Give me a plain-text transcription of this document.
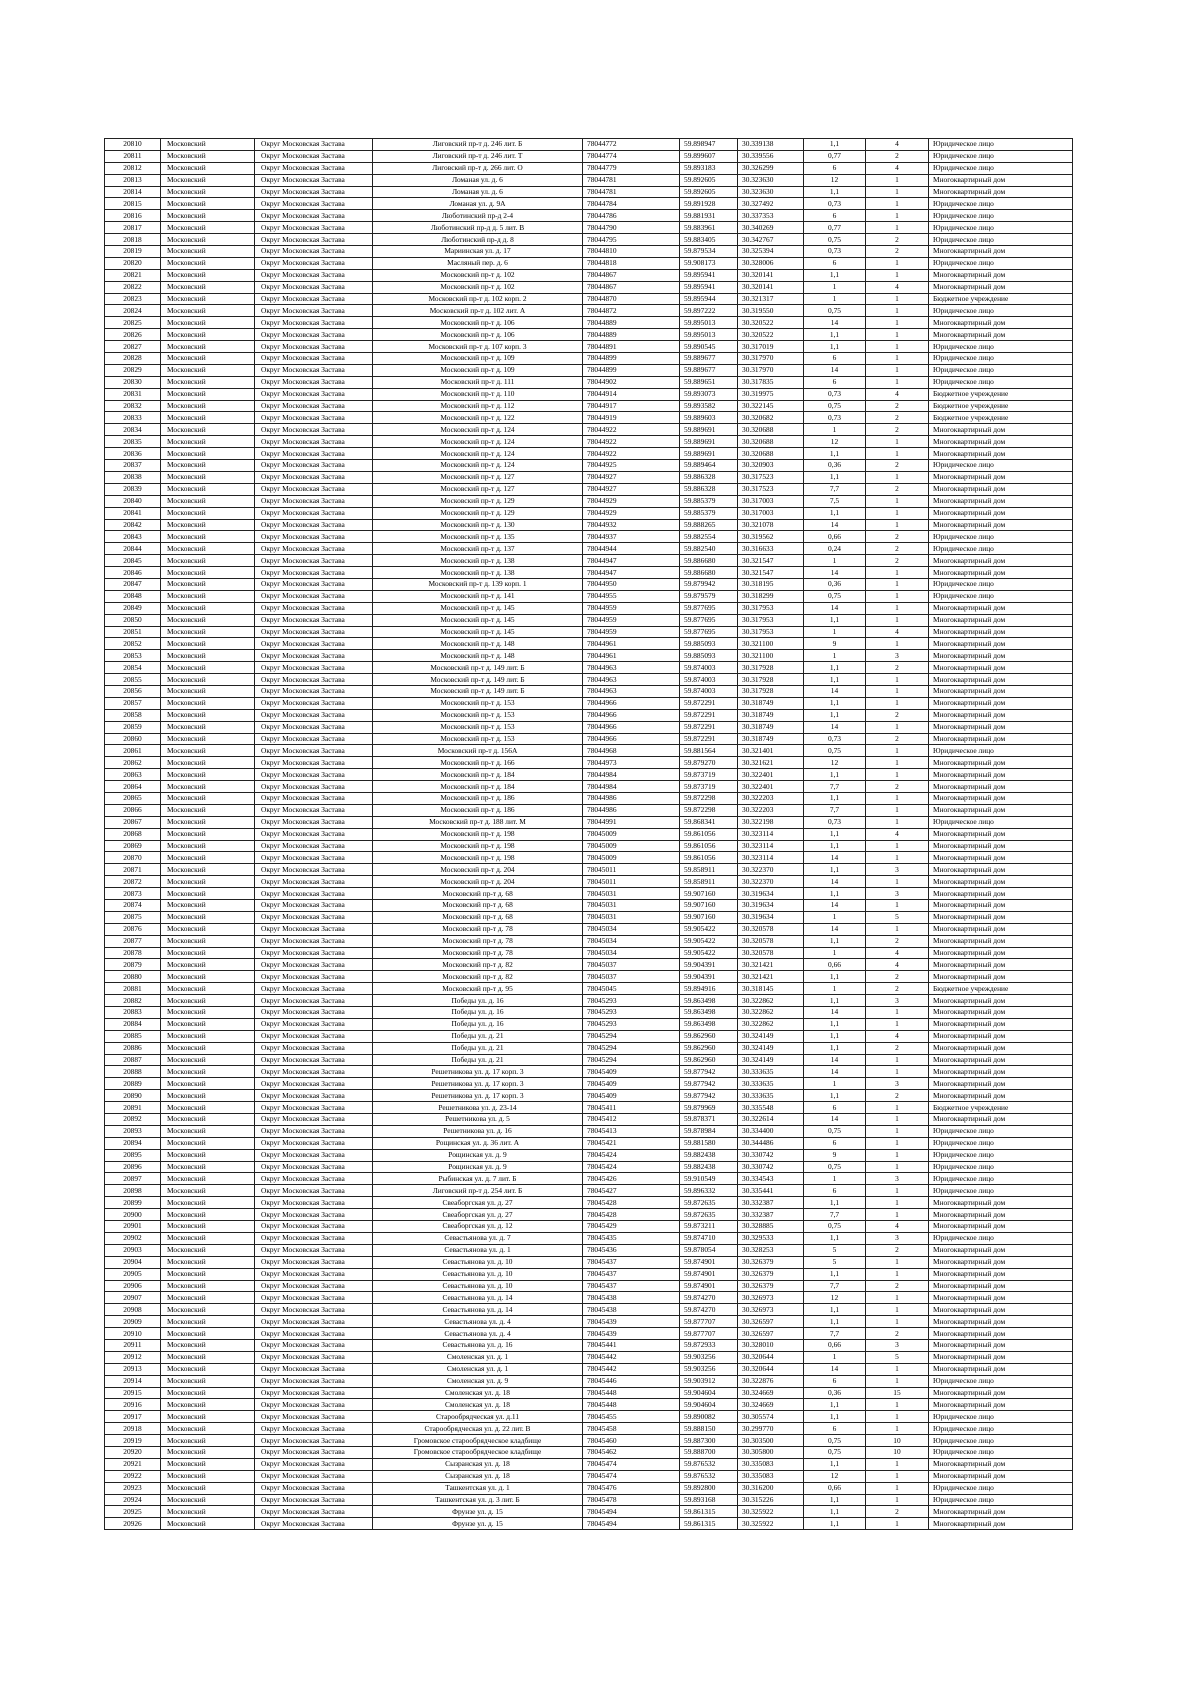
20810	Московский	Округ Московская Застава	Лиговский пр-т д. 246 лит. Б	78044772	59.898947	30.339138	1,1	4	Юридическое лицо
20811	Московский	Округ Московская Застава	Лиговский пр-т д. 246 лит. Т	78044774	59.899607	30.339556	0,77	2	Юридическое лицо
20812	Московский	Округ Московская Застава	Лиговский пр-т д. 266 лит. О	78044779	59.893183	30.326299	6	4	Юридическое лицо
20813	Московский	Округ Московская Застава	Ломаная ул. д. 6	78044781	59.892605	30.323630	12	1	Многоквартирный дом
20814	Московский	Округ Московская Застава	Ломаная ул. д. 6	78044781	59.892605	30.323630	1,1	1	Многоквартирный дом
20815	Московский	Округ Московская Застава	Ломаная ул. д. 9А	78044784	59.891928	30.327492	0,73	1	Юридическое лицо
20816	Московский	Округ Московская Застава	Люботинский пр-д 2-4	78044786	59.881931	30.337353	6	1	Юридическое лицо
20817	Московский	Округ Московская Застава	Люботинский пр-д д. 5 лит. В	78044790	59.883961	30.340269	0,77	1	Юридическое лицо
20818	Московский	Округ Московская Застава	Люботинский пр-д д. 8	78044795	59.883405	30.342767	0,75	2	Юридическое лицо
20819	Московский	Округ Московская Застава	Мариинская ул. д. 17	78044810	59.879534	30.325394	0,73	2	Многоквартирный дом
20820	Московский	Округ Московская Застава	Масляный пер. д. 6	78044818	59.908173	30.328006	6	1	Юридическое лицо
20821	Московский	Округ Московская Застава	Московский пр-т д. 102	78044867	59.895941	30.320141	1,1	1	Многоквартирный дом
20822	Московский	Округ Московская Застава	Московский пр-т д. 102	78044867	59.895941	30.320141	1	4	Многоквартирный дом
20823	Московский	Округ Московская Застава	Московский пр-т д. 102 корп. 2	78044870	59.895944	30.321317	1	1	Бюджетное учреждение
20824	Московский	Округ Московская Застава	Московский пр-т д. 102 лит. А	78044872	59.897222	30.319550	0,75	1	Юридическое лицо
20825	Московский	Округ Московская Застава	Московский пр-т д. 106	78044889	59.895013	30.320522	14	1	Многоквартирный дом
20826	Московский	Округ Московская Застава	Московский пр-т д. 106	78044889	59.895013	30.320522	1,1	1	Многоквартирный дом
20827	Московский	Округ Московская Застава	Московский пр-т д. 107 корп. 3	78044891	59.890545	30.317019	1,1	1	Юридическое лицо
20828	Московский	Округ Московская Застава	Московский пр-т д. 109	78044899	59.889677	30.317970	6	1	Юридическое лицо
20829	Московский	Округ Московская Застава	Московский пр-т д. 109	78044899	59.889677	30.317970	14	1	Юридическое лицо
20830	Московский	Округ Московская Застава	Московский пр-т д. 111	78044902	59.889651	30.317835	6	1	Юридическое лицо
20831	Московский	Округ Московская Застава	Московский пр-т д. 110	78044914	59.893073	30.319975	0,73	4	Бюджетное учреждение
20832	Московский	Округ Московская Застава	Московский пр-т д. 112	78044917	59.893582	30.322145	0,75	2	Бюджетное учреждение
20833	Московский	Округ Московская Застава	Московский пр-т д. 122	78044919	59.889603	30.320682	0,73	2	Бюджетное учреждение
20834	Московский	Округ Московская Застава	Московский пр-т д. 124	78044922	59.889691	30.320688	1	2	Многоквартирный дом
20835	Московский	Округ Московская Застава	Московский пр-т д. 124	78044922	59.889691	30.320688	12	1	Многоквартирный дом
20836	Московский	Округ Московская Застава	Московский пр-т д. 124	78044922	59.889691	30.320688	1,1	1	Многоквартирный дом
20837	Московский	Округ Московская Застава	Московский пр-т д. 124	78044925	59.889464	30.320903	0,36	2	Юридическое лицо
20838	Московский	Округ Московская Застава	Московский пр-т д. 127	78044927	59.886328	30.317523	1,1	1	Многоквартирный дом
20839	Московский	Округ Московская Застава	Московский пр-т д. 127	78044927	59.886328	30.317523	7,7	2	Многоквартирный дом
20840	Московский	Округ Московская Застава	Московский пр-т д. 129	78044929	59.885379	30.317003	7,5	1	Многоквартирный дом
20841	Московский	Округ Московская Застава	Московский пр-т д. 129	78044929	59.885379	30.317003	1,1	1	Многоквартирный дом
20842	Московский	Округ Московская Застава	Московский пр-т д. 130	78044932	59.888265	30.321078	14	1	Многоквартирный дом
20843	Московский	Округ Московская Застава	Московский пр-т д. 135	78044937	59.882554	30.319562	0,66	2	Юридическое лицо
20844	Московский	Округ Московская Застава	Московский пр-т д. 137	78044944	59.882540	30.316633	0,24	2	Юридическое лицо
20845	Московский	Округ Московская Застава	Московский пр-т д. 138	78044947	59.886680	30.321547	1	2	Многоквартирный дом
20846	Московский	Округ Московская Застава	Московский пр-т д. 138	78044947	59.886680	30.321547	14	1	Многоквартирный дом
20847	Московский	Округ Московская Застава	Московский пр-т д. 139 корп. 1	78044950	59.879942	30.318195	0,36	1	Юридическое лицо
20848	Московский	Округ Московская Застава	Московский пр-т д. 141	78044955	59.879579	30.318299	0,75	1	Юридическое лицо
20849	Московский	Округ Московская Застава	Московский пр-т д. 145	78044959	59.877695	30.317953	14	1	Многоквартирный дом
20850	Московский	Округ Московская Застава	Московский пр-т д. 145	78044959	59.877695	30.317953	1,1	1	Многоквартирный дом
20851	Московский	Округ Московская Застава	Московский пр-т д. 145	78044959	59.877695	30.317953	1	4	Многоквартирный дом
20852	Московский	Округ Московская Застава	Московский пр-т д. 148	78044961	59.885093	30.321100	9	1	Многоквартирный дом
20853	Московский	Округ Московская Застава	Московский пр-т д. 148	78044961	59.885093	30.321100	1	3	Многоквартирный дом
20854	Московский	Округ Московская Застава	Московский пр-т д. 149 лит. Б	78044963	59.874003	30.317928	1,1	2	Многоквартирный дом
20855	Московский	Округ Московская Застава	Московский пр-т д. 149 лит. Б	78044963	59.874003	30.317928	1,1	1	Многоквартирный дом
20856	Московский	Округ Московская Застава	Московский пр-т д. 149 лит. Б	78044963	59.874003	30.317928	14	1	Многоквартирный дом
20857	Московский	Округ Московская Застава	Московский пр-т д. 153	78044966	59.872291	30.318749	1,1	1	Многоквартирный дом
20858	Московский	Округ Московская Застава	Московский пр-т д. 153	78044966	59.872291	30.318749	1,1	2	Многоквартирный дом
20859	Московский	Округ Московская Застава	Московский пр-т д. 153	78044966	59.872291	30.318749	14	1	Многоквартирный дом
20860	Московский	Округ Московская Застава	Московский пр-т д. 153	78044966	59.872291	30.318749	0,73	2	Многоквартирный дом
20861	Московский	Округ Московская Застава	Московский пр-т д. 156А	78044968	59.881564	30.321401	0,75	1	Юридическое лицо
20862	Московский	Округ Московская Застава	Московский пр-т д. 166	78044973	59.879270	30.321621	12	1	Многоквартирный дом
20863	Московский	Округ Московская Застава	Московский пр-т д. 184	78044984	59.873719	30.322401	1,1	1	Многоквартирный дом
20864	Московский	Округ Московская Застава	Московский пр-т д. 184	78044984	59.873719	30.322401	7,7	2	Многоквартирный дом
20865	Московский	Округ Московская Застава	Московский пр-т д. 186	78044986	59.872298	30.322203	1,1	1	Многоквартирный дом
20866	Московский	Округ Московская Застава	Московский пр-т д. 186	78044986	59.872298	30.322203	7,7	1	Многоквартирный дом
20867	Московский	Округ Московская Застава	Московский пр-т д. 188 лит. М	78044991	59.868341	30.322198	0,73	1	Юридическое лицо
20868	Московский	Округ Московская Застава	Московский пр-т д. 198	78045009	59.861056	30.323114	1,1	4	Многоквартирный дом
20869	Московский	Округ Московская Застава	Московский пр-т д. 198	78045009	59.861056	30.323114	1,1	1	Многоквартирный дом
20870	Московский	Округ Московская Застава	Московский пр-т д. 198	78045009	59.861056	30.323114	14	1	Многоквартирный дом
20871	Московский	Округ Московская Застава	Московский пр-т д. 204	78045011	59.858911	30.322370	1,1	3	Многоквартирный дом
20872	Московский	Округ Московская Застава	Московский пр-т д. 204	78045011	59.858911	30.322370	14	1	Многоквартирный дом
20873	Московский	Округ Московская Застава	Московский пр-т д. 68	78045031	59.907160	30.319634	1,1	3	Многоквартирный дом
20874	Московский	Округ Московская Застава	Московский пр-т д. 68	78045031	59.907160	30.319634	14	1	Многоквартирный дом
20875	Московский	Округ Московская Застава	Московский пр-т д. 68	78045031	59.907160	30.319634	1	5	Многоквартирный дом
20876	Московский	Округ Московская Застава	Московский пр-т д. 78	78045034	59.905422	30.320578	14	1	Многоквартирный дом
20877	Московский	Округ Московская Застава	Московский пр-т д. 78	78045034	59.905422	30.320578	1,1	2	Многоквартирный дом
20878	Московский	Округ Московская Застава	Московский пр-т д. 78	78045034	59.905422	30.320578	1	4	Многоквартирный дом
20879	Московский	Округ Московская Застава	Московский пр-т д. 82	78045037	59.904391	30.321421	0,66	4	Многоквартирный дом
20880	Московский	Округ Московская Застава	Московский пр-т д. 82	78045037	59.904391	30.321421	1,1	2	Многоквартирный дом
20881	Московский	Округ Московская Застава	Московский пр-т д. 95	78045045	59.894916	30.318145	1	2	Бюджетное учреждение
20882	Московский	Округ Московская Застава	Победы ул. д. 16	78045293	59.863498	30.322862	1,1	3	Многоквартирный дом
20883	Московский	Округ Московская Застава	Победы ул. д. 16	78045293	59.863498	30.322862	14	1	Многоквартирный дом
20884	Московский	Округ Московская Застава	Победы ул. д. 16	78045293	59.863498	30.322862	1,1	1	Многоквартирный дом
20885	Московский	Округ Московская Застава	Победы ул. д. 21	78045294	59.862960	30.324149	1,1	4	Многоквартирный дом
20886	Московский	Округ Московская Застава	Победы ул. д. 21	78045294	59.862960	30.324149	1,1	2	Многоквартирный дом
20887	Московский	Округ Московская Застава	Победы ул. д. 21	78045294	59.862960	30.324149	14	1	Многоквартирный дом
20888	Московский	Округ Московская Застава	Решетникова ул. д. 17 корп. 3	78045409	59.877942	30.333635	14	1	Многоквартирный дом
20889	Московский	Округ Московская Застава	Решетникова ул. д. 17 корп. 3	78045409	59.877942	30.333635	1	3	Многоквартирный дом
20890	Московский	Округ Московская Застава	Решетникова ул. д. 17 корп. 3	78045409	59.877942	30.333635	1,1	2	Многоквартирный дом
20891	Московский	Округ Московская Застава	Решетникова ул. д. 23-14	78045411	59.879969	30.335548	6	1	Бюджетное учреждение
20892	Московский	Округ Московская Застава	Решетникова ул. д. 5	78045412	59.878371	30.322614	14	1	Многоквартирный дом
20893	Московский	Округ Московская Застава	Решетникова ул. д. 16	78045413	59.878984	30.334400	0,75	1	Юридическое лицо
20894	Московский	Округ Московская Застава	Рощинская ул. д. 36 лит. А	78045421	59.881580	30.344486	6	1	Юридическое лицо
20895	Московский	Округ Московская Застава	Рощинская ул. д. 9	78045424	59.882438	30.330742	9	1	Юридическое лицо
20896	Московский	Округ Московская Застава	Рощинская ул. д. 9	78045424	59.882438	30.330742	0,75	1	Юридическое лицо
20897	Московский	Округ Московская Застава	Рыбинская ул. д. 7 лит. Б	78045426	59.910549	30.334543	1	3	Юридическое лицо
20898	Московский	Округ Московская Застава	Лиговский пр-т д. 254 лит. Б	78045427	59.896332	30.335441	6	1	Юридическое лицо
20899	Московский	Округ Московская Застава	Свеаборгская ул. д. 27	78045428	59.872635	30.332387	1,1	1	Многоквартирный дом
20900	Московский	Округ Московская Застава	Свеаборгская ул. д. 27	78045428	59.872635	30.332387	7,7	1	Многоквартирный дом
20901	Московский	Округ Московская Застава	Свеаборгская ул. д. 12	78045429	59.873211	30.328885	0,75	4	Многоквартирный дом
20902	Московский	Округ Московская Застава	Севастьянова ул. д. 7	78045435	59.874710	30.329533	1,1	3	Юридическое лицо
20903	Московский	Округ Московская Застава	Севастьянова ул. д. 1	78045436	59.878054	30.328253	5	2	Многоквартирный дом
20904	Московский	Округ Московская Застава	Севастьянова ул. д. 10	78045437	59.874901	30.326379	5	1	Многоквартирный дом
20905	Московский	Округ Московская Застава	Севастьянова ул. д. 10	78045437	59.874901	30.326379	1,1	1	Многоквартирный дом
20906	Московский	Округ Московская Застава	Севастьянова ул. д. 10	78045437	59.874901	30.326379	7,7	2	Многоквартирный дом
20907	Московский	Округ Московская Застава	Севастьянова ул. д. 14	78045438	59.874270	30.326973	12	1	Многоквартирный дом
20908	Московский	Округ Московская Застава	Севастьянова ул. д. 14	78045438	59.874270	30.326973	1,1	1	Многоквартирный дом
20909	Московский	Округ Московская Застава	Севастьянова ул. д. 4	78045439	59.877707	30.326597	1,1	1	Многоквартирный дом
20910	Московский	Округ Московская Застава	Севастьянова ул. д. 4	78045439	59.877707	30.326597	7,7	2	Многоквартирный дом
20911	Московский	Округ Московская Застава	Севастьянова ул. д. 16	78045441	59.872933	30.328010	0,66	3	Многоквартирный дом
20912	Московский	Округ Московская Застава	Смоленская ул. д. 1	78045442	59.903256	30.320644	1	5	Многоквартирный дом
20913	Московский	Округ Московская Застава	Смоленская ул. д. 1	78045442	59.903256	30.320644	14	1	Многоквартирный дом
20914	Московский	Округ Московская Застава	Смоленская ул. д. 9	78045446	59.903912	30.322876	6	1	Юридическое лицо
20915	Московский	Округ Московская Застава	Смоленская ул. д. 18	78045448	59.904604	30.324669	0,36	15	Многоквартирный дом
20916	Московский	Округ Московская Застава	Смоленская ул. д. 18	78045448	59.904604	30.324669	1,1	1	Многоквартирный дом
20917	Московский	Округ Московская Застава	Старообрядческая ул. д.11	78045455	59.890082	30.305574	1,1	1	Юридическое лицо
20918	Московский	Округ Московская Застава	Старообрядческая ул. д. 22 лит. В	78045458	59.888150	30.299770	6	1	Юридическое лицо
20919	Московский	Округ Московская Застава	Громовское старообрядческое кладбище	78045460	59.887300	30.303500	0,75	10	Юридическое лицо
20920	Московский	Округ Московская Застава	Громовское старообрядческое кладбище	78045462	59.888700	30.305800	0,75	10	Юридическое лицо
20921	Московский	Округ Московская Застава	Сызранская ул. д. 18	78045474	59.876532	30.335083	1,1	1	Многоквартирный дом
20922	Московский	Округ Московская Застава	Сызранская ул. д. 18	78045474	59.876532	30.335083	12	1	Многоквартирный дом
20923	Московский	Округ Московская Застава	Ташкентская ул. д. 1	78045476	59.892800	30.316200	0,66	1	Юридическое лицо
20924	Московский	Округ Московская Застава	Ташкентская ул. д. 3 лит. Б	78045478	59.893168	30.315226	1,1	1	Юридическое лицо
20925	Московский	Округ Московская Застава	Фрунзе ул. д. 15	78045494	59.861315	30.325922	1,1	2	Многоквартирный дом
20926	Московский	Округ Московская Застава	Фрунзе ул. д. 15	78045494	59.861315	30.325922	1,1	1	Многоквартирный дом
